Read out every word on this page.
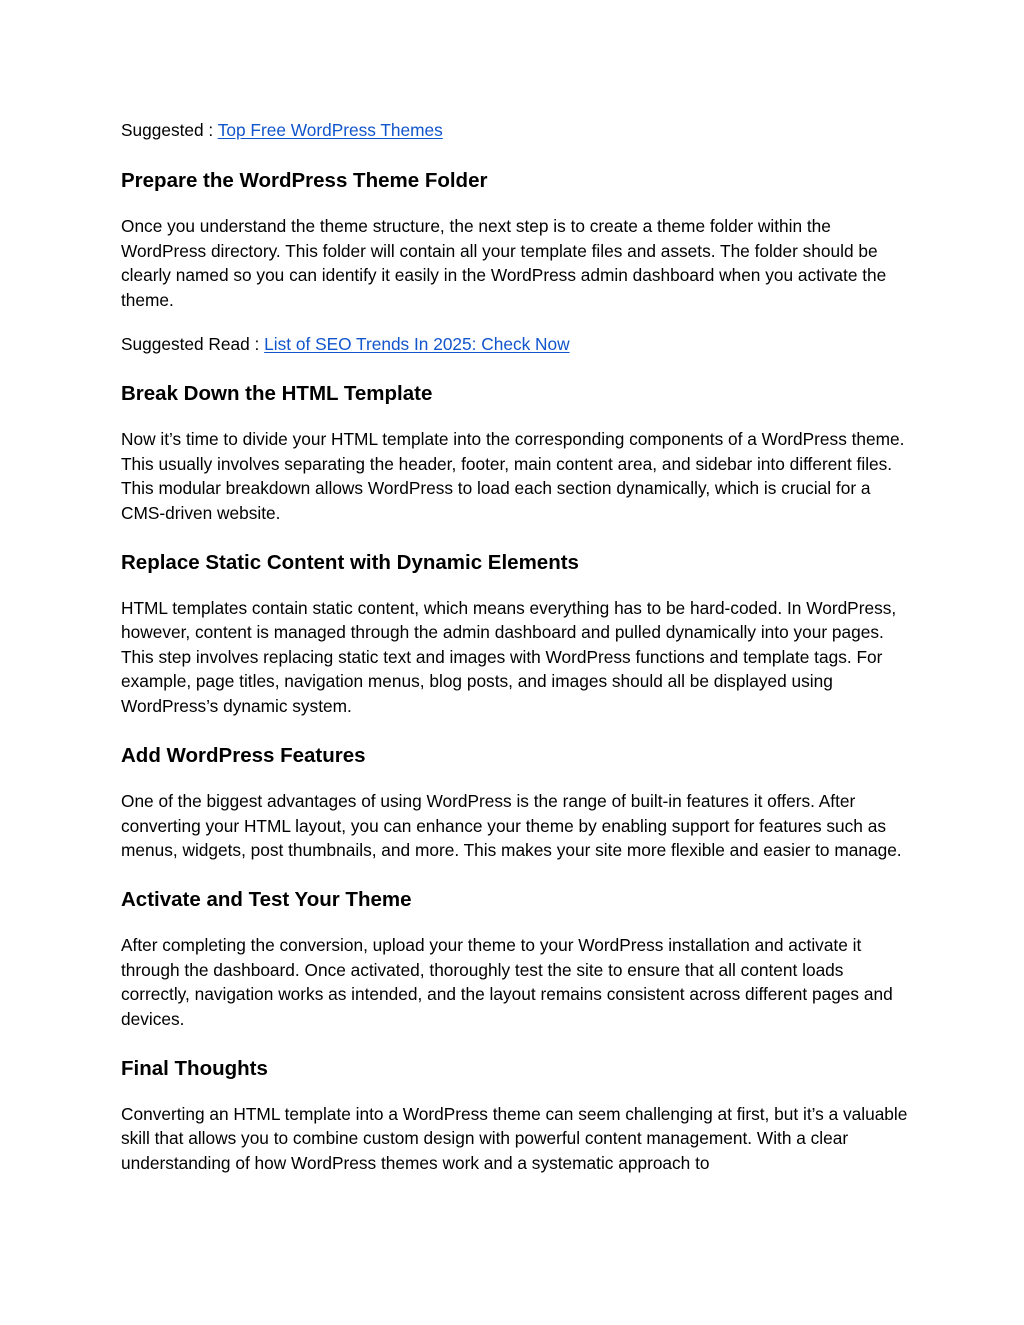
Suggested : Top Free WordPress Themes

Prepare the WordPress Theme Folder

Once you understand the theme structure, the next step is to create a theme folder within the WordPress directory. This folder will contain all your template files and assets. The folder should be clearly named so you can identify it easily in the WordPress admin dashboard when you activate the theme.

Suggested Read : List of SEO Trends In 2025: Check Now

Break Down the HTML Template

Now it’s time to divide your HTML template into the corresponding components of a WordPress theme. This usually involves separating the header, footer, main content area, and sidebar into different files. This modular breakdown allows WordPress to load each section dynamically, which is crucial for a CMS-driven website.

Replace Static Content with Dynamic Elements

HTML templates contain static content, which means everything has to be hard-coded. In WordPress, however, content is managed through the admin dashboard and pulled dynamically into your pages. This step involves replacing static text and images with WordPress functions and template tags. For example, page titles, navigation menus, blog posts, and images should all be displayed using WordPress’s dynamic system.

Add WordPress Features

One of the biggest advantages of using WordPress is the range of built-in features it offers. After converting your HTML layout, you can enhance your theme by enabling support for features such as menus, widgets, post thumbnails, and more. This makes your site more flexible and easier to manage.

Activate and Test Your Theme

After completing the conversion, upload your theme to your WordPress installation and activate it through the dashboard. Once activated, thoroughly test the site to ensure that all content loads correctly, navigation works as intended, and the layout remains consistent across different pages and devices.

Final Thoughts

Converting an HTML template into a WordPress theme can seem challenging at first, but it’s a valuable skill that allows you to combine custom design with powerful content management. With a clear understanding of how WordPress themes work and a systematic approach to
